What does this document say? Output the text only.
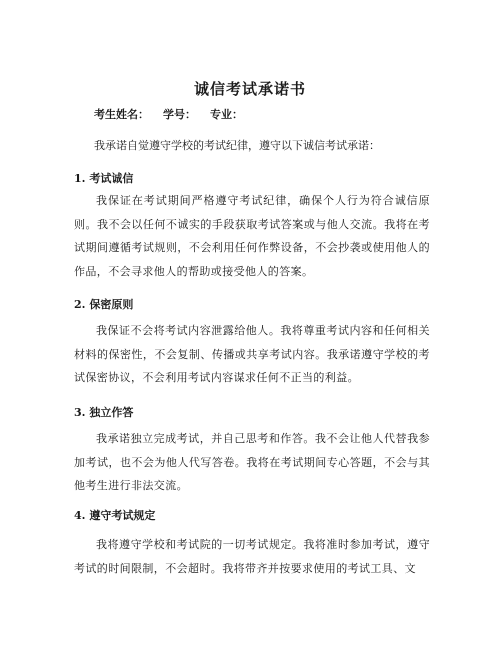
诚信考试承诺书
考生姓名： 学号： 专业：
我承诺自觉遵守学校的考试纪律，遵守以下诚信考试承诺：
1. 考试诚信
我保证在考试期间严格遵守考试纪律，确保个人行为符合诚信原则。我不会以任何不诚实的手段获取考试答案或与他人交流。我将在考试期间遵循考试规则，不会利用任何作弊设备，不会抄袭或使用他人的作品，不会寻求他人的帮助或接受他人的答案。
2. 保密原则
我保证不会将考试内容泄露给他人。我将尊重考试内容和任何相关材料的保密性，不会复制、传播或共享考试内容。我承诺遵守学校的考试保密协议，不会利用考试内容谋求任何不正当的利益。
3. 独立作答
我承诺独立完成考试，并自己思考和作答。我不会让他人代替我参加考试，也不会为他人代写答卷。我将在考试期间专心答题，不会与其他考生进行非法交流。
4. 遵守考试规定
我将遵守学校和考试院的一切考试规定。我将准时参加考试，遵守考试的时间限制，不会超时。我将带齐并按要求使用的考试工具、文
